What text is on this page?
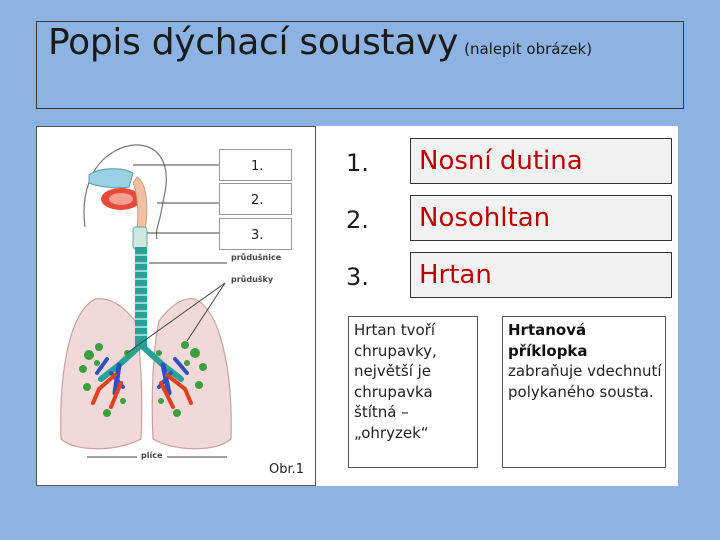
Popis dýchací soustavy (nalepit obrázek)
1.
2.
3.
průdušnice
průdušky
plíce
Obr.1
1.	Nosní dutina
2.	Nosohltan
3.	Hrtan
Hrtan tvoří chrupavky, největší je chrupavka štítná – „ohryzek“
Hrtanová příklopka zabraňuje vdechnutí polykaného sousta.
